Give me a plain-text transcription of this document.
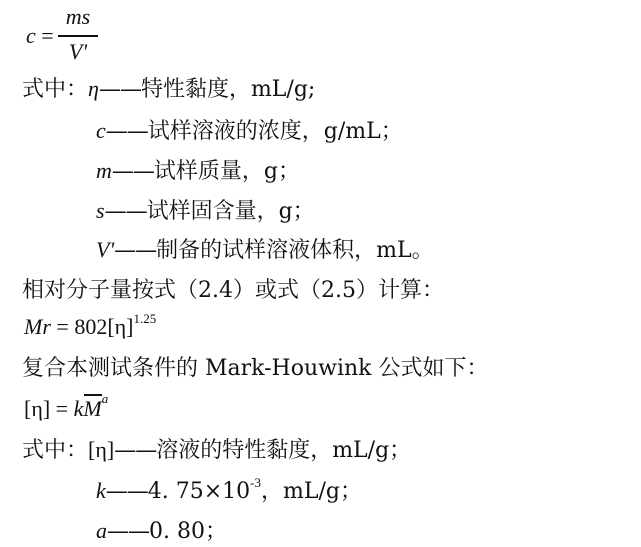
c =
ms
V'
式中：η——特性黏度，mL/g;
c——试样溶液的浓度，g/mL；
m——试样质量，g；
s——试样固含量，g；
V'——制备的试样溶液体积，mL。
相对分子量按式（2.4）或式（2.5）计算：
$Mr = 802[\eta]^{1.25}$
复合本测试条件的 Mark-Houwink 公式如下：
$[\eta] = kM^a$
式中：[η]——溶液的特性黏度，mL/g；
k——4. $75\times 10^{-3}$，mL/g；
a——0. 80；
